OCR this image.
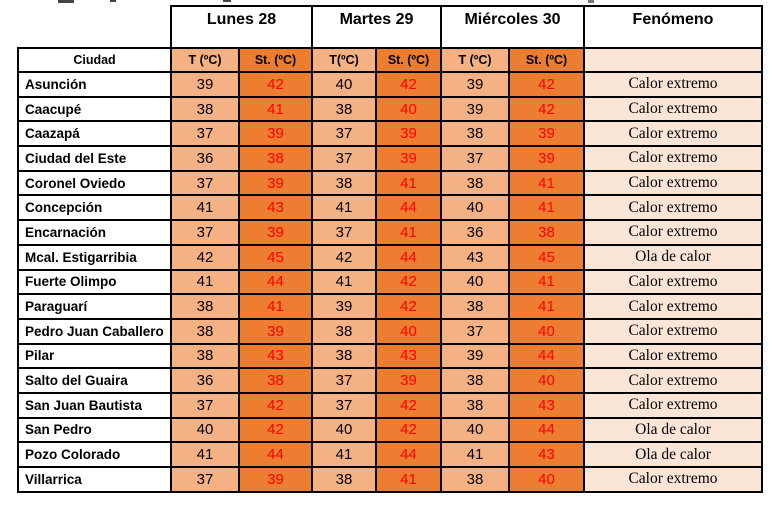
	Lunes 28		Martes 29		Miércoles 30		Fenómeno
Ciudad	T (ºC)	St. (ºC)	T(ºC)	St. (ºC)	T (ºC)	St. (ºC)	
Asunción	39	42	40	42	39	42	Calor extremo
Caacupé	38	41	38	40	39	42	Calor extremo
Caazapá	37	39	37	39	38	39	Calor extremo
Ciudad del Este	36	38	37	39	37	39	Calor extremo
Coronel Oviedo	37	39	38	41	38	41	Calor extremo
Concepción	41	43	41	44	40	41	Calor extremo
Encarnación	37	39	37	41	36	38	Calor extremo
Mcal. Estigarribia	42	45	42	44	43	45	Ola de calor
Fuerte Olimpo	41	44	41	42	40	41	Calor extremo
Paraguarí	38	41	39	42	38	41	Calor extremo
Pedro Juan Caballero	38	39	38	40	37	40	Calor extremo
Pilar	38	43	38	43	39	44	Calor extremo
Salto del Guaira	36	38	37	39	38	40	Calor extremo
San Juan Bautista	37	42	37	42	38	43	Calor extremo
San Pedro	40	42	40	42	40	44	Ola de calor
Pozo Colorado	41	44	41	44	41	43	Ola de calor
Villarrica	37	39	38	41	38	40	Calor extremo
